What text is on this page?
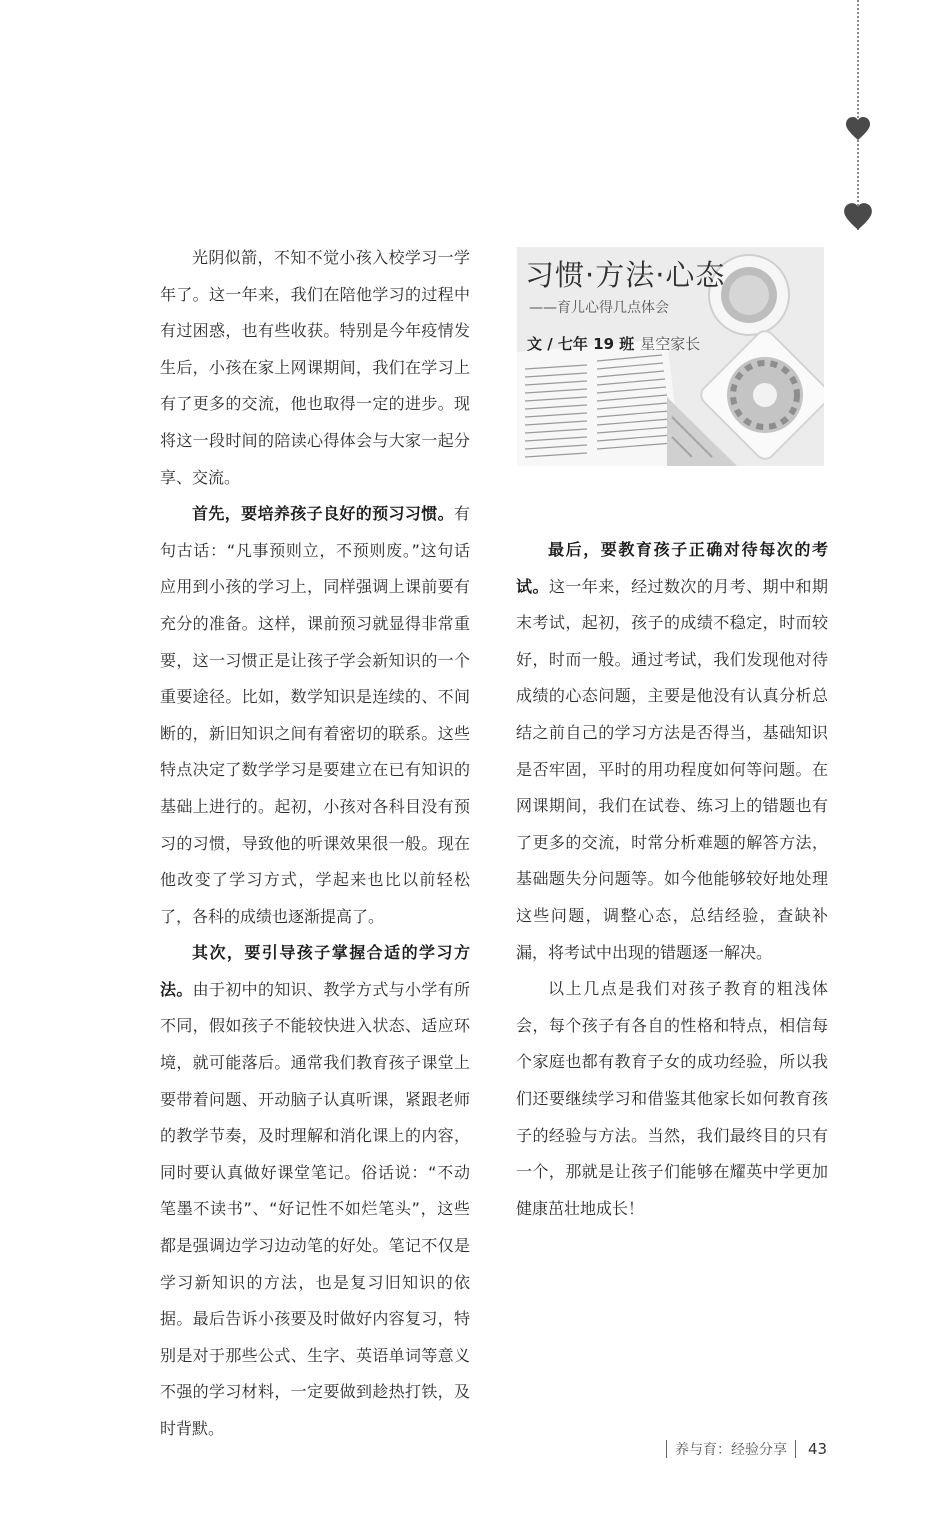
光阴似箭，不知不觉小孩入校学习一学年了。这一年来，我们在陪他学习的过程中有过困惑，也有些收获。特别是今年疫情发生后，小孩在家上网课期间，我们在学习上有了更多的交流，他也取得一定的进步。现将这一段时间的陪读心得体会与大家一起分享、交流。

首先，要培养孩子良好的预习习惯。有句古话：“凡事预则立，不预则废。”这句话应用到小孩的学习上，同样强调上课前要有充分的准备。这样，课前预习就显得非常重要，这一习惯正是让孩子学会新知识的一个重要途径。比如，数学知识是连续的、不间断的，新旧知识之间有着密切的联系。这些特点决定了数学学习是要建立在已有知识的基础上进行的。起初，小孩对各科目没有预习的习惯，导致他的听课效果很一般。现在他改变了学习方式，学起来也比以前轻松了，各科的成绩也逐渐提高了。

其次，要引导孩子掌握合适的学习方法。由于初中的知识、教学方式与小学有所不同，假如孩子不能较快进入状态、适应环境，就可能落后。通常我们教育孩子课堂上要带着问题、开动脑子认真听课，紧跟老师的教学节奏，及时理解和消化课上的内容，同时要认真做好课堂笔记。俗话说：“不动笔墨不读书”、“好记性不如烂笔头”，这些都是强调边学习边动笔的好处。笔记不仅是学习新知识的方法，也是复习旧知识的依据。最后告诉小孩要及时做好内容复习，特别是对于那些公式、生字、英语单词等意义不强的学习材料，一定要做到趁热打铁，及时背默。

习惯·方法·心态
——育儿心得几点体会
文 / 七年 19 班 星空家长

最后，要教育孩子正确对待每次的考试。这一年来，经过数次的月考、期中和期末考试，起初，孩子的成绩不稳定，时而较好，时而一般。通过考试，我们发现他对待成绩的心态问题，主要是他没有认真分析总结之前自己的学习方法是否得当，基础知识是否牢固，平时的用功程度如何等问题。在网课期间，我们在试卷、练习上的错题也有了更多的交流，时常分析难题的解答方法，基础题失分问题等。如今他能够较好地处理这些问题，调整心态，总结经验，查缺补漏，将考试中出现的错题逐一解决。

以上几点是我们对孩子教育的粗浅体会，每个孩子有各自的性格和特点，相信每个家庭也都有教育子女的成功经验，所以我们还要继续学习和借鉴其他家长如何教育孩子的经验与方法。当然，我们最终目的只有一个，那就是让孩子们能够在耀英中学更加健康茁壮地成长！

养与育：经验分享 43
